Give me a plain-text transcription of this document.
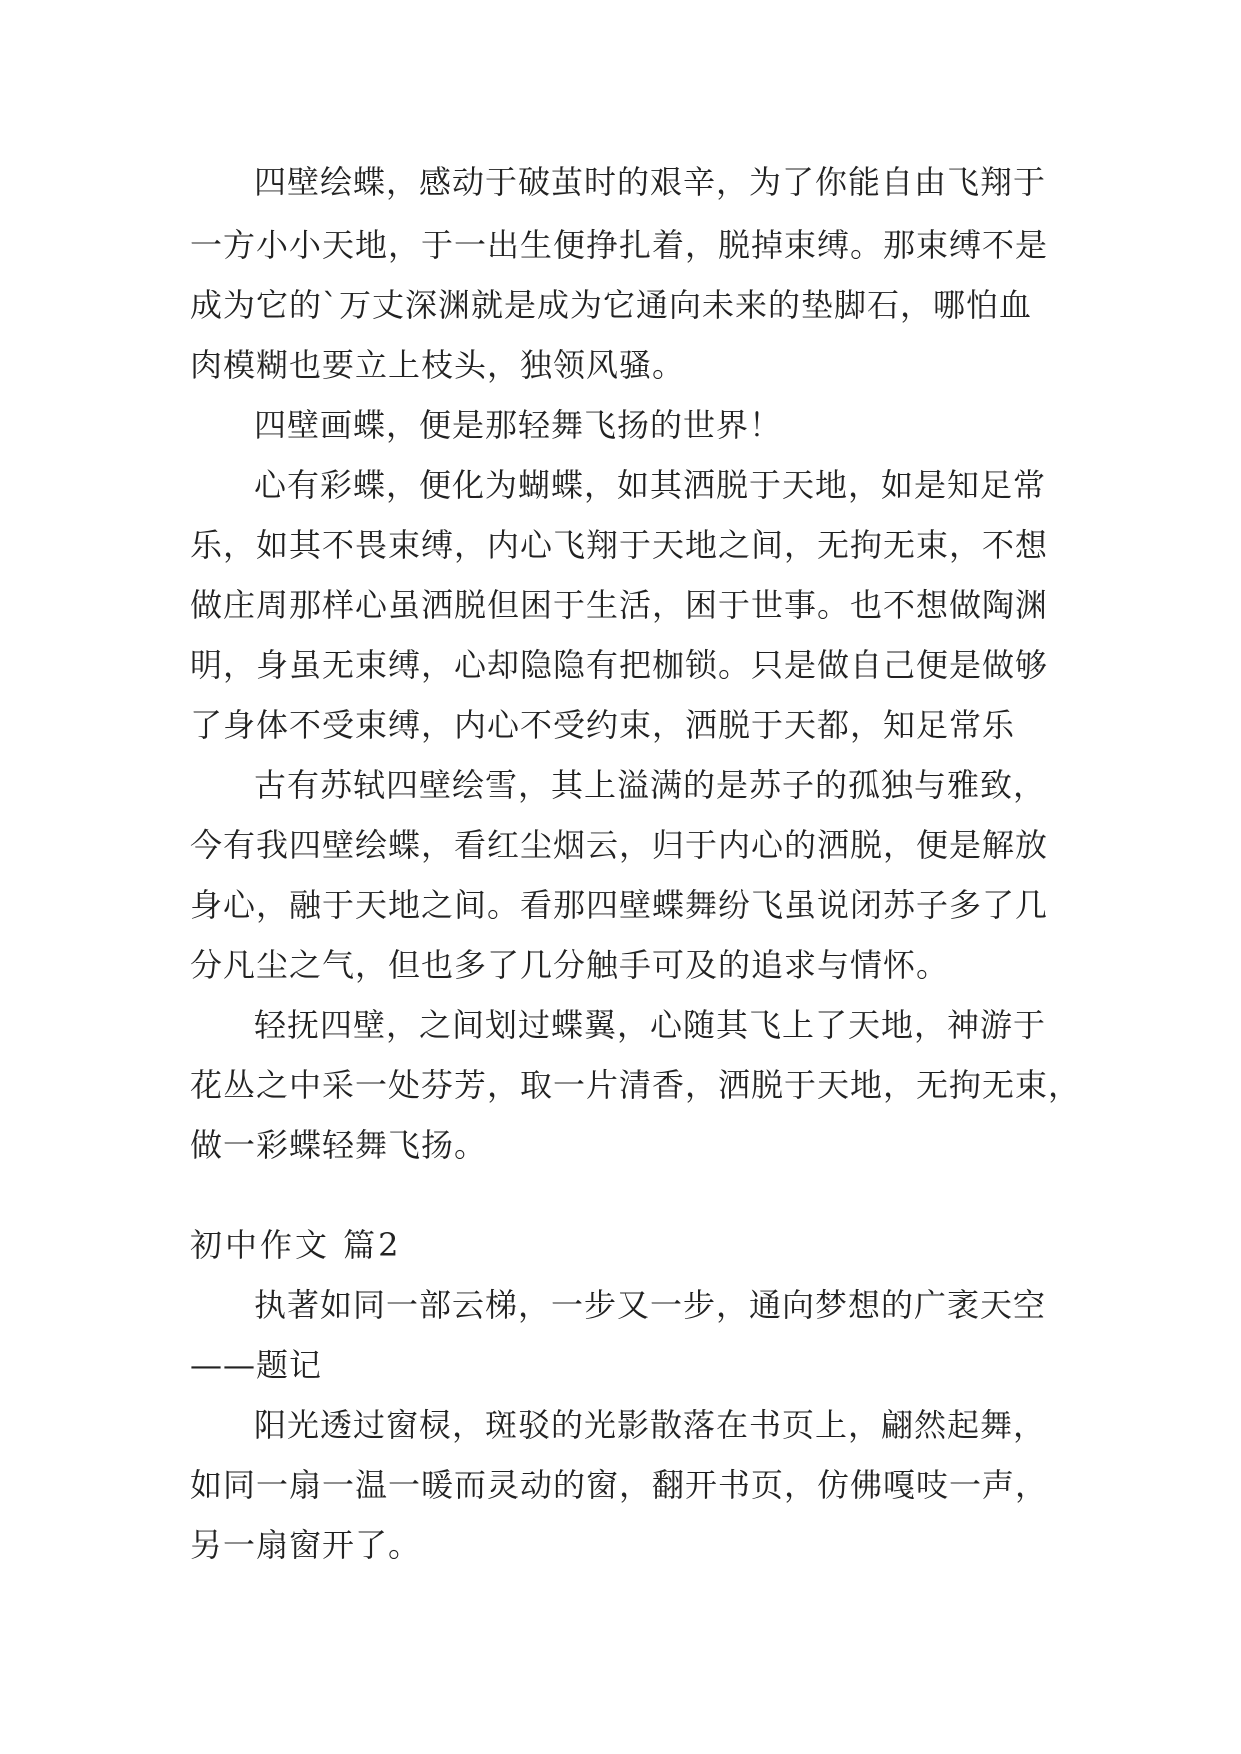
四壁绘蝶，感动于破茧时的艰辛，为了你能自由飞翔于
一方小小天地，于一出生便挣扎着，脱掉束缚。那束缚不是
成为它的`万丈深渊就是成为它通向未来的垫脚石，哪怕血
肉模糊也要立上枝头，独领风骚。
四壁画蝶，便是那轻舞飞扬的世界！
心有彩蝶，便化为蝴蝶，如其洒脱于天地，如是知足常
乐，如其不畏束缚，内心飞翔于天地之间，无拘无束，不想
做庄周那样心虽洒脱但困于生活，困于世事。也不想做陶渊
明，身虽无束缚，心却隐隐有把枷锁。只是做自己便是做够
了身体不受束缚，内心不受约束，洒脱于天都，知足常乐
古有苏轼四壁绘雪，其上溢满的是苏子的孤独与雅致，
今有我四壁绘蝶，看红尘烟云，归于内心的洒脱，便是解放
身心，融于天地之间。看那四壁蝶舞纷飞虽说闭苏子多了几
分凡尘之气，但也多了几分触手可及的追求与情怀。
轻抚四壁，之间划过蝶翼，心随其飞上了天地，神游于
花丛之中采一处芬芳，取一片清香，洒脱于天地，无拘无束，
做一彩蝶轻舞飞扬。
初中作文 篇2
执著如同一部云梯，一步又一步，通向梦想的广袤天空
——题记
阳光透过窗棂，斑驳的光影散落在书页上，翩然起舞，
如同一扇一温一暖而灵动的窗，翻开书页，仿佛嘎吱一声，
另一扇窗开了。
